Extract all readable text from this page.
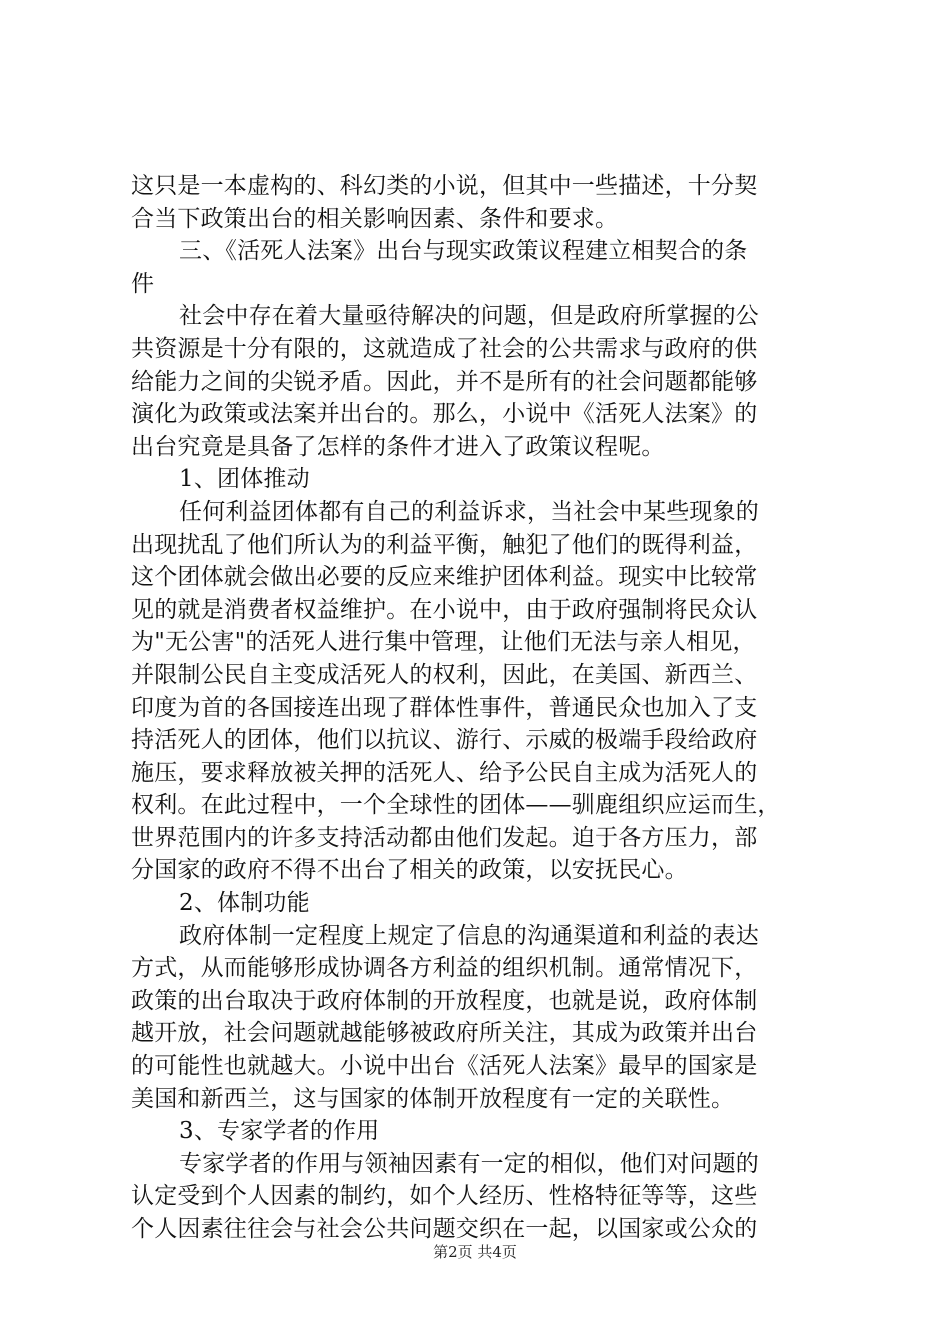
这只是一本虚构的、科幻类的小说，但其中一些描述，十分契
合当下政策出台的相关影响因素、条件和要求。
三、《活死人法案》出台与现实政策议程建立相契合的条
件
社会中存在着大量亟待解决的问题，但是政府所掌握的公
共资源是十分有限的，这就造成了社会的公共需求与政府的供
给能力之间的尖锐矛盾。因此，并不是所有的社会问题都能够
演化为政策或法案并出台的。那么，小说中《活死人法案》的
出台究竟是具备了怎样的条件才进入了政策议程呢。
1、团体推动
任何利益团体都有自己的利益诉求，当社会中某些现象的
出现扰乱了他们所认为的利益平衡，触犯了他们的既得利益，
这个团体就会做出必要的反应来维护团体利益。现实中比较常
见的就是消费者权益维护。在小说中，由于政府强制将民众认
为"无公害"的活死人进行集中管理，让他们无法与亲人相见，
并限制公民自主变成活死人的权利，因此，在美国、新西兰、
印度为首的各国接连出现了群体性事件，普通民众也加入了支
持活死人的团体，他们以抗议、游行、示威的极端手段给政府
施压，要求释放被关押的活死人、给予公民自主成为活死人的
权利。在此过程中，一个全球性的团体——驯鹿组织应运而生，
世界范围内的许多支持活动都由他们发起。迫于各方压力，部
分国家的政府不得不出台了相关的政策，以安抚民心。
2、体制功能
政府体制一定程度上规定了信息的沟通渠道和利益的表达
方式，从而能够形成协调各方利益的组织机制。通常情况下，
政策的出台取决于政府体制的开放程度，也就是说，政府体制
越开放，社会问题就越能够被政府所关注，其成为政策并出台
的可能性也就越大。小说中出台《活死人法案》最早的国家是
美国和新西兰，这与国家的体制开放程度有一定的关联性。
3、专家学者的作用
专家学者的作用与领袖因素有一定的相似，他们对问题的
认定受到个人因素的制约，如个人经历、性格特征等等，这些
个人因素往往会与社会公共问题交织在一起，以国家或公众的
第2页 共4页
